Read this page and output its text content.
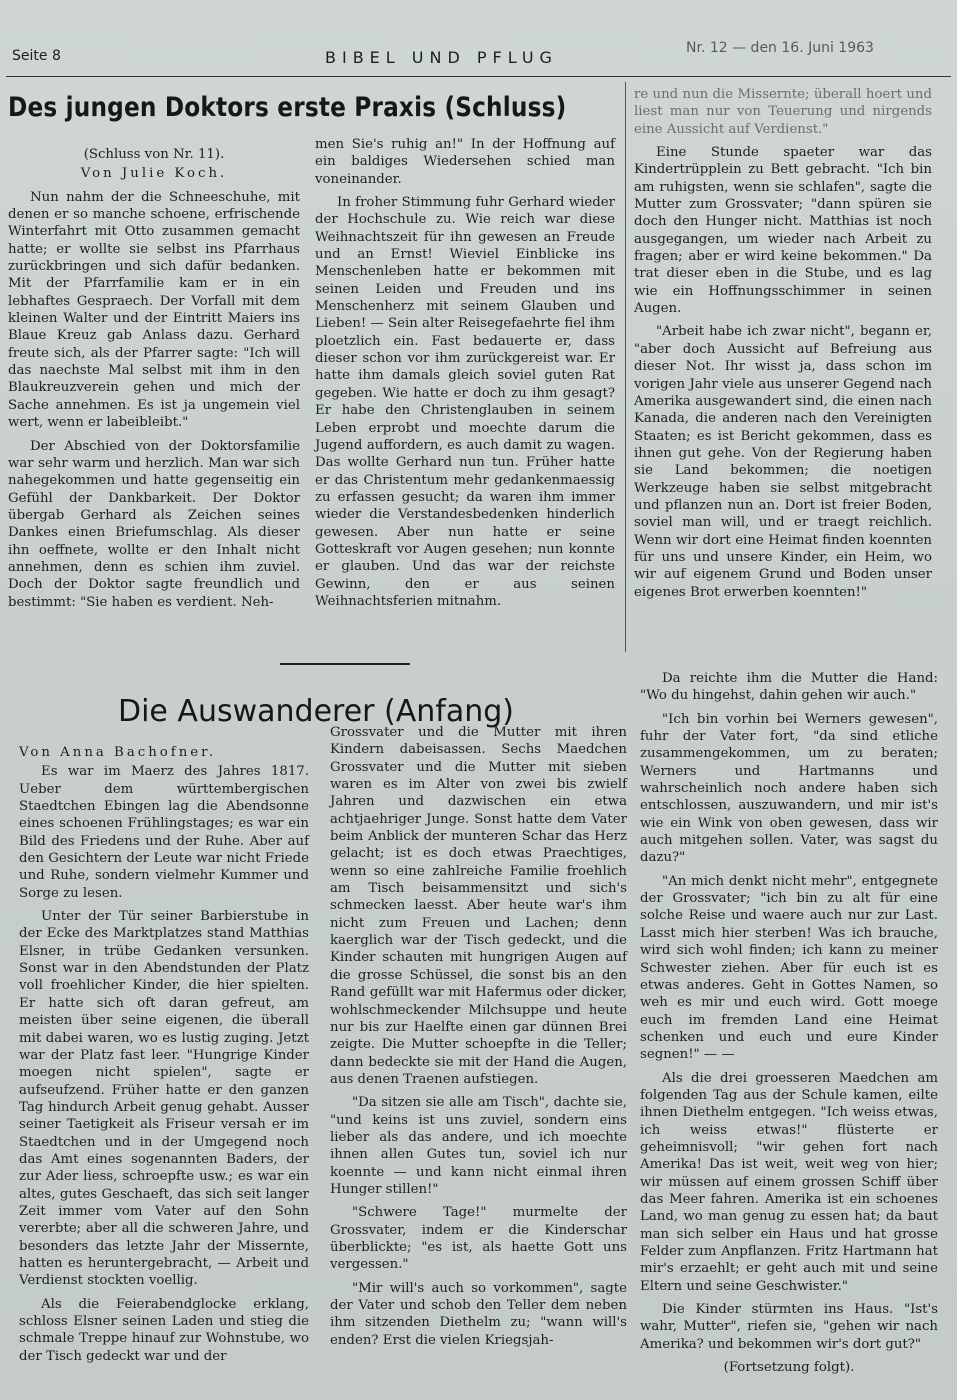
Seite 8	BIBEL UND PFLUG	Nr. 12 — den 16. Juni 1963
Des jungen Doktors erste Praxis (Schluss)

(Schluss von Nr. 11).

Von Julie Koch.

Nun nahm der die Schneeschuhe, mit denen er so manche schoene, erfrischende Winterfahrt mit Otto zusammen gemacht hatte; er wollte sie selbst ins Pfarrhaus zurückbringen und sich dafür bedanken. Mit der Pfarrfamilie kam er in ein lebhaftes Gespraech. Der Vorfall mit dem kleinen Walter und der Eintritt Maiers ins Blaue Kreuz gab Anlass dazu. Gerhard freute sich, als der Pfarrer sagte: "Ich will das naechste Mal selbst mit ihm in den Blaukreuzverein gehen und mich der Sache annehmen. Es ist ja ungemein viel wert, wenn er labeibleibt."

Der Abschied von der Doktorsfamilie war sehr warm und herzlich. Man war sich nahegekommen und hatte gegenseitig ein Gefühl der Dankbarkeit. Der Doktor übergab Gerhard als Zeichen seines Dankes einen Briefumschlag. Als dieser ihn oeffnete, wollte er den Inhalt nicht annehmen, denn es schien ihm zuviel. Doch der Doktor sagte freundlich und bestimmt: "Sie haben es verdient. Neh-

men Sie's ruhig an!" In der Hoffnung auf ein baldiges Wiedersehen schied man voneinander.

In froher Stimmung fuhr Gerhard wieder der Hochschule zu. Wie reich war diese Weihnachtszeit für ihn gewesen an Freude und an Ernst! Wieviel Einblicke ins Menschenleben hatte er bekommen mit seinen Leiden und Freuden und ins Menschenherz mit seinem Glauben und Lieben! — Sein alter Reisegefaehrte fiel ihm ploetzlich ein. Fast bedauerte er, dass dieser schon vor ihm zurückgereist war. Er hatte ihm damals gleich soviel guten Rat gegeben. Wie hatte er doch zu ihm gesagt? Er habe den Christenglauben in seinem Leben erprobt und moechte darum die Jugend auffordern, es auch damit zu wagen. Das wollte Gerhard nun tun. Früher hatte er das Christentum mehr gedankenmaessig zu erfassen gesucht; da waren ihm immer wieder die Verstandesbedenken hinderlich gewesen. Aber nun hatte er seine Gotteskraft vor Augen gesehen; nun konnte er glauben. Und das war der reichste Gewinn, den er aus seinen Weihnachtsferien mitnahm.

re und nun die Missernte; überall hoert und liest man nur von Teuerung und nirgends eine Aussicht auf Verdienst."

Eine Stunde spaeter war das Kindertrüpplein zu Bett gebracht. "Ich bin am ruhigsten, wenn sie schlafen", sagte die Mutter zum Grossvater; "dann spüren sie doch den Hunger nicht. Matthias ist noch ausgegangen, um wieder nach Arbeit zu fragen; aber er wird keine bekommen." Da trat dieser eben in die Stube, und es lag wie ein Hoffnungsschimmer in seinen Augen.

"Arbeit habe ich zwar nicht", begann er, "aber doch Aussicht auf Befreiung aus dieser Not. Ihr wisst ja, dass schon im vorigen Jahr viele aus unserer Gegend nach Amerika ausgewandert sind, die einen nach Kanada, die anderen nach den Vereinigten Staaten; es ist Bericht gekommen, dass es ihnen gut gehe. Von der Regierung haben sie Land bekommen; die noetigen Werkzeuge haben sie selbst mitgebracht und pflanzen nun an. Dort ist freier Boden, soviel man will, und er traegt reichlich. Wenn wir dort eine Heimat finden koennten für uns und unsere Kinder, ein Heim, wo wir auf eigenem Grund und Boden unser eigenes Brot erwerben koennten!"

Die Auswanderer (Anfang)

Von Anna Bachofner.

Es war im Maerz des Jahres 1817. Ueber dem württembergischen Staedtchen Ebingen lag die Abendsonne eines schoenen Frühlingstages; es war ein Bild des Friedens und der Ruhe. Aber auf den Gesichtern der Leute war nicht Friede und Ruhe, sondern vielmehr Kummer und Sorge zu lesen.

Unter der Tür seiner Barbierstube in der Ecke des Marktplatzes stand Matthias Elsner, in trübe Gedanken versunken. Sonst war in den Abendstunden der Platz voll froehlicher Kinder, die hier spielten. Er hatte sich oft daran gefreut, am meisten über seine eigenen, die überall mit dabei waren, wo es lustig zuging. Jetzt war der Platz fast leer. "Hungrige Kinder moegen nicht spielen", sagte er aufseufzend. Früher hatte er den ganzen Tag hindurch Arbeit genug gehabt. Ausser seiner Taetigkeit als Friseur versah er im Staedtchen und in der Umgegend noch das Amt eines sogenannten Baders, der zur Ader liess, schroepfte usw.; es war ein altes, gutes Geschaeft, das sich seit langer Zeit immer vom Vater auf den Sohn vererbte; aber all die schweren Jahre, und besonders das letzte Jahr der Missernte, hatten es heruntergebracht, — Arbeit und Verdienst stockten voellig.

Als die Feierabendglocke erklang, schloss Elsner seinen Laden und stieg die schmale Treppe hinauf zur Wohnstube, wo der Tisch gedeckt war und der

Grossvater und die Mutter mit ihren Kindern dabeisassen. Sechs Maedchen Grossvater und die Mutter mit sieben waren es im Alter von zwei bis zwielf Jahren und dazwischen ein etwa achtjaehriger Junge. Sonst hatte dem Vater beim Anblick der munteren Schar das Herz gelacht; ist es doch etwas Praechtiges, wenn so eine zahlreiche Familie froehlich am Tisch beisammensitzt und sich's schmecken laesst. Aber heute war's ihm nicht zum Freuen und Lachen; denn kaerglich war der Tisch gedeckt, und die Kinder schauten mit hungrigen Augen auf die grosse Schüssel, die sonst bis an den Rand gefüllt war mit Hafermus oder dicker, wohlschmeckender Milchsuppe und heute nur bis zur Haelfte einen gar dünnen Brei zeigte. Die Mutter schoepfte in die Teller; dann bedeckte sie mit der Hand die Augen, aus denen Traenen aufstiegen.

"Da sitzen sie alle am Tisch", dachte sie, "und keins ist uns zuviel, sondern eins lieber als das andere, und ich moechte ihnen allen Gutes tun, soviel ich nur koennte — und kann nicht einmal ihren Hunger stillen!"

"Schwere Tage!" murmelte der Grossvater, indem er die Kinderschar überblickte; "es ist, als haette Gott uns vergessen."

"Mir will's auch so vorkommen", sagte der Vater und schob den Teller dem neben ihm sitzenden Diethelm zu; "wann will's enden? Erst die vielen Kriegsjah-

Da reichte ihm die Mutter die Hand: "Wo du hingehst, dahin gehen wir auch."

"Ich bin vorhin bei Werners gewesen", fuhr der Vater fort, "da sind etliche zusammengekommen, um zu beraten; Werners und Hartmanns und wahrscheinlich noch andere haben sich entschlossen, auszuwandern, und mir ist's wie ein Wink von oben gewesen, dass wir auch mitgehen sollen. Vater, was sagst du dazu?"

"An mich denkt nicht mehr", entgegnete der Grossvater; "ich bin zu alt für eine solche Reise und waere auch nur zur Last. Lasst mich hier sterben! Was ich brauche, wird sich wohl finden; ich kann zu meiner Schwester ziehen. Aber für euch ist es etwas anderes. Geht in Gottes Namen, so weh es mir und euch wird. Gott moege euch im fremden Land eine Heimat schenken und euch und eure Kinder segnen!" — —

Als die drei groesseren Maedchen am folgenden Tag aus der Schule kamen, eilte ihnen Diethelm entgegen. "Ich weiss etwas, ich weiss etwas!" flüsterte er geheimnisvoll; "wir gehen fort nach Amerika! Das ist weit, weit weg von hier; wir müssen auf einem grossen Schiff über das Meer fahren. Amerika ist ein schoenes Land, wo man genug zu essen hat; da baut man sich selber ein Haus und hat grosse Felder zum Anpflanzen. Fritz Hartmann hat mir's erzaehlt; er geht auch mit und seine Eltern und seine Geschwister."

Die Kinder stürmten ins Haus. "Ist's wahr, Mutter", riefen sie, "gehen wir nach Amerika? und bekommen wir's dort gut?"

(Fortsetzung folgt).
